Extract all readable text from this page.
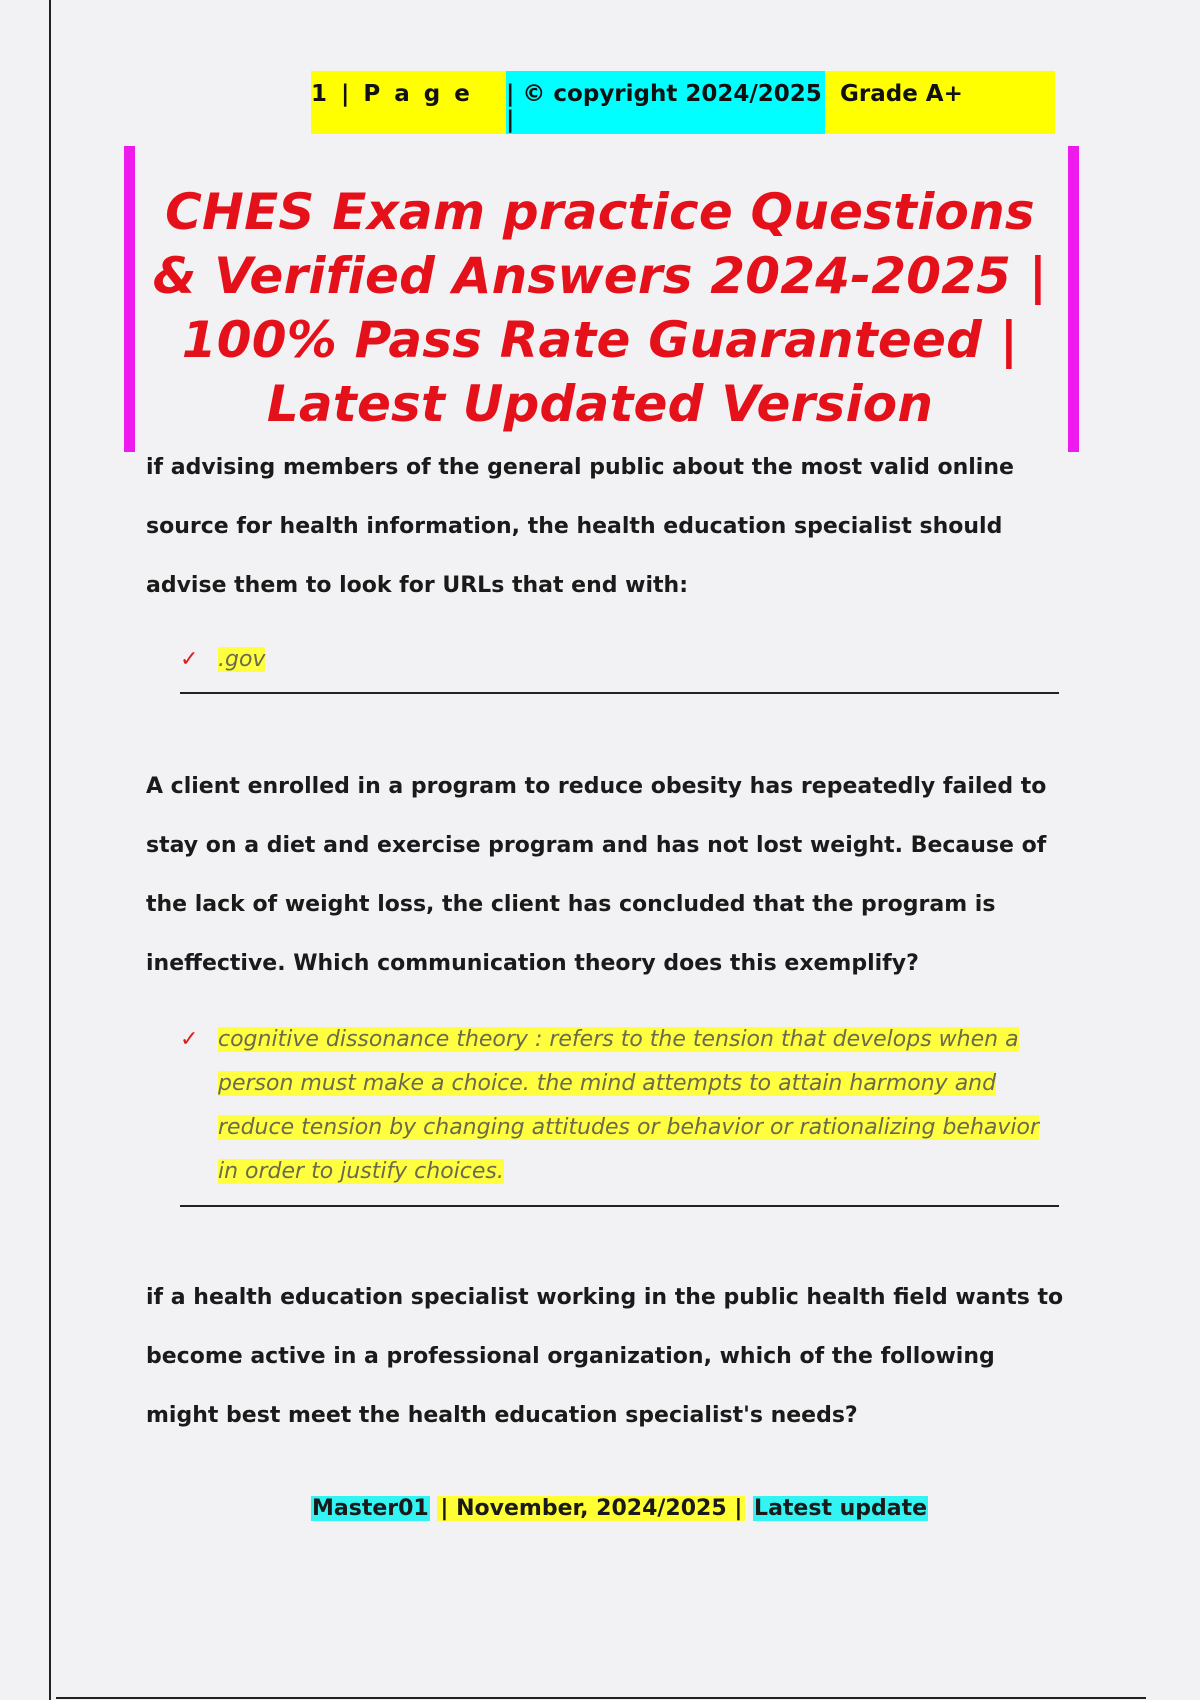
1 | P a g e	| © copyright 2024/2025 |
Grade A+
CHES Exam practice Questions & Verified Answers 2024-2025 | 100% Pass Rate Guaranteed | Latest Updated Version

if advising members of the general public about the most valid online source for health information, the health education specialist should advise them to look for URLs that end with:

✓ .gov

A client enrolled in a program to reduce obesity has repeatedly failed to stay on a diet and exercise program and has not lost weight. Because of the lack of weight loss, the client has concluded that the program is ineffective. Which communication theory does this exemplify?

✓ cognitive dissonance theory : refers to the tension that develops when a person must make a choice. the mind attempts to attain harmony and reduce tension by changing attitudes or behavior or rationalizing behavior in order to justify choices.

if a health education specialist working in the public health field wants to become active in a professional organization, which of the following might best meet the health education specialist's needs?

Master01 | November, 2024/2025 | Latest update
